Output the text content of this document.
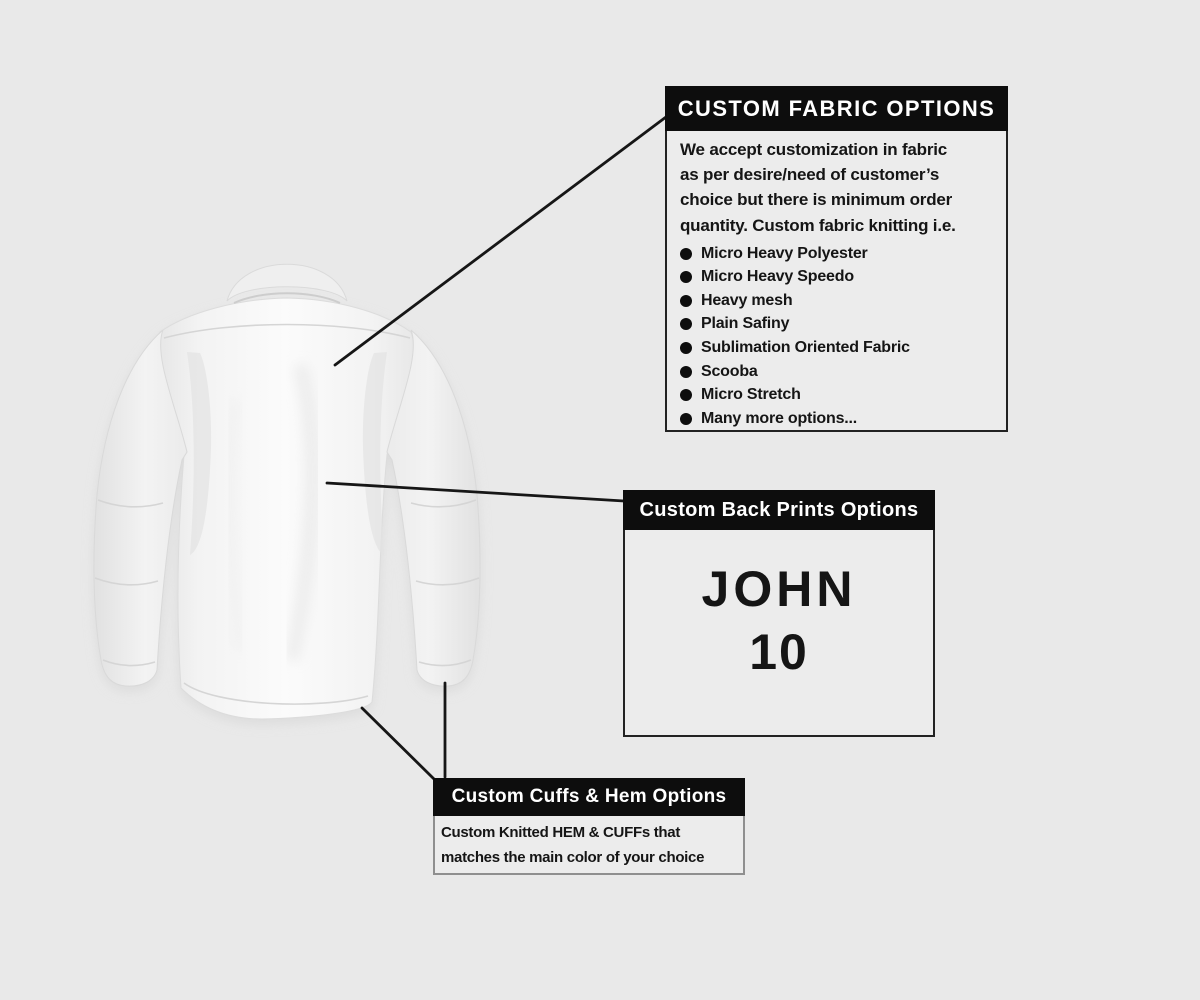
CUSTOM FABRIC OPTIONS
We accept customization in fabric
as per desire/need of customer’s
choice but there is minimum order
quantity. Custom fabric knitting i.e.
Micro Heavy Polyester
Micro Heavy Speedo
Heavy mesh
Plain Safiny
Sublimation Oriented Fabric
Scooba
Micro Stretch
Many more options...
Custom Back Prints Options
JOHN
10
Custom Cuffs & Hem Options
Custom Knitted HEM & CUFFs that
matches the main color of your choice
